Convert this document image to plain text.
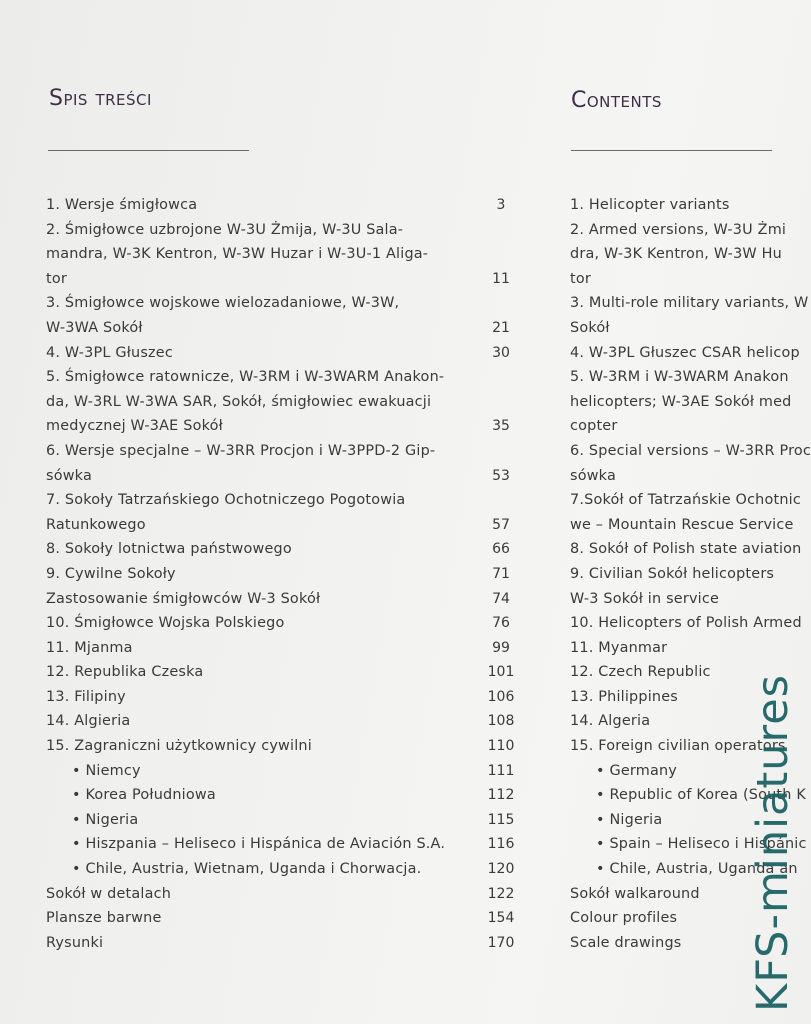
Spis treści	Contents
1. Wersje śmigłowca	3
2. Śmigłowce uzbrojone W-3U Żmija, W-3U Sala-
mandra, W-3K Kentron, W-3W Huzar i W-3U-1 Aliga-
tor	11
3. Śmigłowce wojskowe wielozadaniowe, W-3W,
W-3WA Sokół	21
4. W-3PL Głuszec	30
5. Śmigłowce ratownicze, W-3RM i W-3WARM Anakon-
da, W-3RL W-3WA SAR, Sokół, śmigłowiec ewakuacji
medycznej W-3AE Sokół	35
6. Wersje specjalne – W-3RR Procjon i W-3PPD-2 Gip-
sówka	53
7. Sokoły Tatrzańskiego Ochotniczego Pogotowia
Ratunkowego	57
8. Sokoły lotnictwa państwowego	66
9. Cywilne Sokoły	71
Zastosowanie śmigłowców W-3 Sokół	74
10. Śmigłowce Wojska Polskiego	76
11. Mjanma	99
12. Republika Czeska	101
13. Filipiny	106
14. Algieria	108
15. Zagraniczni użytkownicy cywilni	110
• Niemcy	111
• Korea Południowa	112
• Nigeria	115
• Hiszpania – Heliseco i Hispánica de Aviación S.A.	116
• Chile, Austria, Wietnam, Uganda i Chorwacja.	120
Sokół w detalach	122
Plansze barwne	154
Rysunki	170
1. Helicopter variants
2. Armed versions, W-3U Żmi
dra, W-3K Kentron, W-3W Hu
tor
3. Multi-role military variants, W
Sokół
4. W-3PL Głuszec CSAR helicop
5. W-3RM i W-3WARM Anakon
helicopters; W-3AE Sokół med
copter
6. Special versions – W-3RR Proc
sówka
7.Sokół of Tatrzańskie Ochotnic
we – Mountain Rescue Service
8. Sokół of Polish state aviation
9. Civilian Sokół helicopters
W-3 Sokół in service
10. Helicopters of Polish Armed
11. Myanmar
12. Czech Republic
13. Philippines
14. Algeria
15. Foreign civilian operators
• Germany
• Republic of Korea (South K
• Nigeria
• Spain – Heliseco i Hispánic
• Chile, Austria, Uganda an
Sokół walkaround
Colour profiles
Scale drawings KFS-miniatures
